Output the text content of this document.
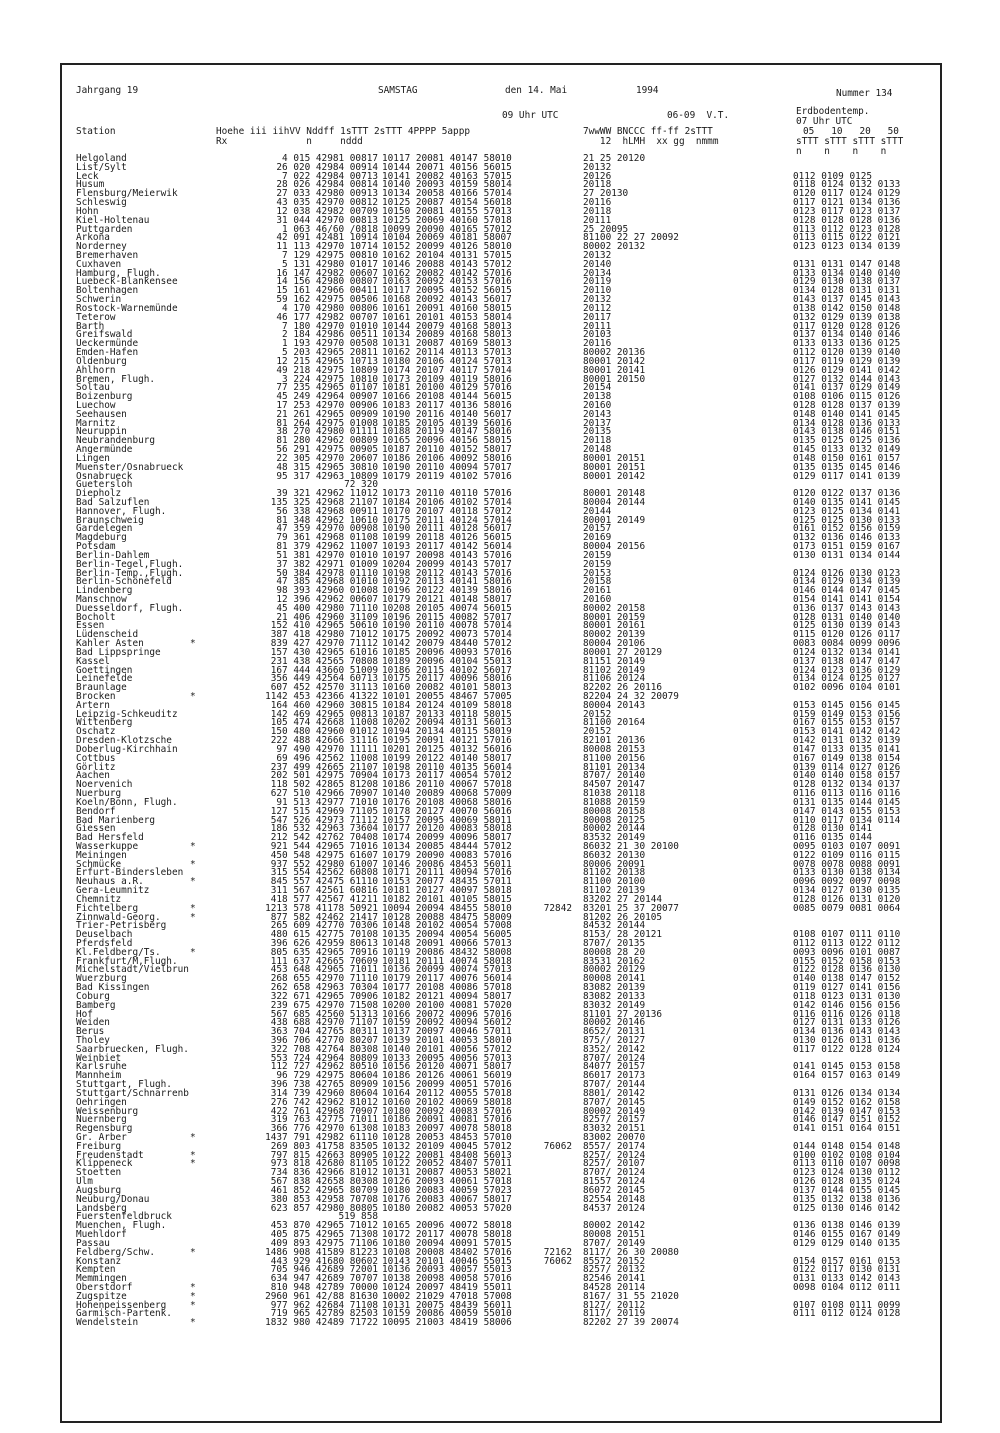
Jahrgang 19	SAMSTAG	den 14. Mai	1994	Nummer 134
Erdbodentemp.
07 Uhr UTC
05   10   20   50
09 Uhr UTC	06-09  V.T.
Station	Hoehe iii iihVV Nddff 1sTTT 2sTTT 4PPPP 5appp
Rx              n     nddd
7wwWW BNCCC ff-ff 2sTTT
12  hLMH  xx gg  nmmm	sTTT sTTT sTTT sTTT
n    n    n    n
Helgoland	4 015 42981 00817 10117 20081 40147 58010	21 25 20120
List/Sylt	26 020 42984 00914 10144 20071 40156 56015	20132
Leck	7 022 42984 00713 10141 20082 40163 57015	20126	0112 0109 0125
Husum	28 026 42984 00814 10140 20093 40159 58014	20118	0118 0124 0132 0133
Flensburg/Meierwik	27 033 42980 00913 10134 20058 40166 57014	27 20130	0120 0117 0124 0129
Schleswig	43 035 42970 00812 10125 20087 40154 56018	20116	0117 0121 0134 0136
Hohn	12 038 42982 00709 10150 20081 40155 57013	20118	0123 0117 0123 0137
Kiel-Holtenau	31 044 42970 00813 10125 20069 40160 57018	20111	0128 0128 0128 0136
Puttgarden	1 063 46/60 /0818 10099 20090 40165 57012	25 20095	0113 0112 0123 0128
Arkona	42 091 42481 10914 10104 20069 40181 58007	81100 22 27 20092	0113 0115 0122 0121
Norderney	11 113 42970 10714 10152 20099 40126 58010	80002 20132	0123 0123 0134 0139
Bremerhaven	7 129 42975 00810 10162 20104 40131 57015	20132
Cuxhaven	5 131 42980 01017 10146 20088 40143 57012	20140	0131 0131 0147 0148
Hamburg, Flugh.	16 147 42982 00607 10162 20082 40142 57016	20134	0133 0134 0140 0140
Luebeck-Blankensee	14 156 42980 00807 10163 20092 40153 57016	20119	0129 0130 0138 0137
Boltenhagen	15 161 42966 00411 10117 20095 40152 56015	20110	0134 0128 0131 0131
Schwerin	59 162 42975 00506 10168 20092 40143 56017	20132	0143 0137 0145 0143
Rostock-Warnemünde	4 170 42980 00806 10161 20091 40160 58015	20112	0138 0142 0150 0148
Teterow	46 177 42982 00707 10161 20101 40153 58014	20117	0132 0129 0139 0138
Barth	7 180 42970 01010 10144 20079 40168 58013	20111	0117 0120 0128 0126
Greifswald	2 184 42986 00511 10134 20089 40168 58013	20103	0137 0134 0140 0146
Ueckermünde	1 193 42970 00508 10131 20087 40169 58013	20116	0133 0133 0136 0125
Emden-Hafen	5 203 42965 20811 10162 20114 40113 57013	80002 20136	0112 0120 0139 0140
Oldenburg	12 215 42965 10713 10180 20106 40124 57013	80001 20142	0117 0119 0129 0139
Ahlhorn	49 218 42975 10809 10174 20107 40117 57014	80001 20141	0126 0129 0141 0142
Bremen, Flugh.	3 224 42975 10810 10173 20109 40119 58016	80001 20150	0127 0132 0144 0143
Soltau	77 235 42965 01107 10181 20100 40129 57016	20154	0141 0137 0129 0149
Boizenburg	45 249 42964 00907 10166 20108 40144 56015	20138	0108 0106 0115 0126
Luechow	17 253 42970 00906 10183 20117 40136 58016	20160	0128 0128 0137 0139
Seehausen	21 261 42965 00909 10190 20116 40140 56017	20143	0148 0140 0141 0145
Marnitz	81 264 42975 01008 10185 20105 40139 56016	20137	0134 0128 0136 0133
Neuruppin	38 270 42980 01111 10188 20119 40147 58016	20135	0143 0138 0146 0151
Neubrandenburg	81 280 42962 00809 10165 20096 40156 58015	20118	0135 0125 0125 0136
Angermünde	56 291 42975 00905 10187 20110 40152 58017	20148	0145 0133 0132 0149
Lingen	22 305 42970 20607 10186 20106 40092 58016	80001 20151	0148 0150 0161 0157
Muenster/Osnabrueck	48 315 42965 30810 10190 20110 40094 57017	80001 20151	0135 0135 0145 0146
Osnabrueck	95 317 42963 10809 10179 20119 40102 57016	80001 20142	0129 0117 0141 0139
Guetersloh	72 320
Diepholz	39 321 42962 11012 10173 20110 40110 57016	80001 20148	0120 0122 0137 0136
Bad Salzuflen	135 325 42968 21107 10184 20106 40102 57014	80004 20144	0140 0135 0141 0145
Hannover, Flugh.	56 338 42968 00911 10170 20107 40118 57012	20144	0123 0125 0134 0141
Braunschweig	81 348 42962 10610 10175 20111 40124 57014	80001 20149	0125 0125 0130 0133
Gardelegen	47 359 42970 00908 10190 20111 40128 56017	20157	0161 0152 0156 0159
Magdeburg	79 361 42968 01108 10199 20118 40126 56015	20169	0132 0136 0146 0133
Potsdam	81 379 42962 11007 10193 20117 40142 56014	80004 20156	0173 0151 0159 0167
Berlin-Dahlem	51 381 42970 01010 10197 20098 40143 57016	20159	0130 0131 0134 0144
Berlin-Tegel,Flugh.	37 382 42971 01009 10204 20099 40143 57017	20159
Berlin-Temp.,Flugh.	50 384 42978 01110 10198 20112 40143 57016	20153	0124 0126 0130 0123
Berlin-Schönefeld	47 385 42968 01010 10192 20113 40141 58016	20158	0134 0129 0134 0139
Lindenberg	98 393 42960 01008 10196 20122 40139 58016	20161	0146 0144 0147 0145
Manschnow	12 396 42962 00607 10179 20121 40148 58017	20160	0154 0141 0141 0154
Duesseldorf, Flugh.	45 400 42980 71110 10208 20105 40074 56015	80002 20158	0136 0137 0143 0143
Bocholt	21 406 42960 31109 10196 20115 40082 57017	80001 20159	0128 0131 0140 0140
Essen	152 410 42965 50610 10190 20110 40078 57014	80001 20161	0125 0130 0139 0143
Lüdenscheid	387 418 42980 71012 10175 20092 40073 57014	80002 20139	0115 0120 0126 0117
Kahler Asten	*	839 427 42970 71112 10142 20079 48440 57012	80004 20106	0083 0084 0099 0096
Bad Lippspringe	157 430 42965 61016 10185 20096 40093 57016	80001 27 20129	0124 0132 0134 0141
Kassel	231 438 42565 70808 10189 20096 40104 55013	81151 20149	0137 0138 0147 0147
Goettingen	167 444 43660 51009 10186 20115 40102 56017	81102 20149	0124 0123 0136 0129
Leinefelde	356 449 42564 60713 10175 20117 40096 58016	81106 20124	0134 0124 0125 0127
Braunlage	607 452 42570 31113 10160 20082 40101 58013	82202 26 20116	0102 0096 0104 0101
Brocken	*	1142 453 42366 41322 10101 20055 48467 57005	82204 24 32 20079
Artern	164 460 42960 30815 10184 20124 40109 58018	80004 20143	0153 0145 0156 0145
Leipzig-Schkeuditz	142 469 42965 00813 10187 20133 40118 58015	20152	0159 0149 0153 0156
Wittenberg	105 474 42668 11008 10202 20094 40131 56013	81100 20164	0167 0155 0153 0157
Oschatz	150 480 42960 01012 10194 20134 40115 58019	20152	0153 0141 0142 0142
Dresden-Klotzsche	222 488 42666 31116 10195 20091 40121 57016	82101 20136	0142 0131 0132 0139
Doberlug-Kirchhain	97 490 42970 11111 10201 20125 40132 56016	80008 20153	0147 0133 0135 0141
Cottbus	69 496 42562 11008 10199 20122 40140 58017	81100 20156	0167 0149 0138 0154
Görlitz	237 499 42665 21107 10198 20110 40135 56014	81101 20134	0139 0114 0127 0126
Aachen	202 501 42975 70904 10173 20117 40054 57012	8707/ 20140	0140 0140 0158 0157
Noervenich	118 502 42865 81208 10186 20110 40067 57018	84507 20147	0128 0132 0134 0137
Nuerburg	627 510 42966 70907 10140 20089 40068 57009	81038 20118	0116 0113 0116 0116
Koeln/Bonn, Flugh.	91 513 42977 71010 10176 20108 40068 58016	81088 20159	0131 0135 0144 0145
Bendorf	127 515 42969 71105 10178 20127 40070 56016	80008 20158	0147 0143 0155 0153
Bad Marienberg	547 526 42973 71112 10157 20095 40069 58011	80008 20125	0110 0117 0134 0114
Giessen	186 532 42963 73604 10177 20120 40083 58018	80002 20144	0128 0130 0141
Bad Hersfeld	212 542 42762 70408 10174 20099 40096 58017	83532 20149	0116 0135 0144
Wasserkuppe	*	921 544 42965 71016 10134 20085 48444 57012	86032 21 30 20100	0095 0103 0107 0091
Meiningen	450 548 42975 61607 10179 20090 40083 57016	86032 20130	0122 0109 0116 0115
Schmücke	*	937 552 42980 61007 10146 20086 48453 56011	80006 20091	0078 0078 0088 0091
Erfurt-Bindersleben	315 554 42562 60808 10171 20111 40094 57016	81102 20138	0133 0130 0138 0134
Neuhaus a.R.	*	845 557 42475 61110 10153 20077 48435 57011	81100 20100	0096 0092 0097 0098
Gera-Leumnitz	311 567 42561 60816 10181 20127 40097 58018	81102 20139	0134 0127 0130 0135
Chemnitz	418 577 42567 41211 10182 20101 40105 58015	83202 27 20144	0128 0126 0131 0120
Fichtelberg	*	1213 578 41178 50921 10094 20094 48455 58010	72842 83201 25 37 20077	0085 0079 0081 0064
Zinnwald-Georg.	*	877 582 42462 21417 10128 20088 48475 58009	81202 26 20105
Trier-Petrisberg	265 609 42770 70306 10148 20102 40054 57008	84532 20144
Deuselbach	480 615 42775 70108 10135 20094 40054 56005	8153/ 28 20121	0108 0107 0111 0110
Pferdsfeld	396 626 42959 80613 10148 20091 40066 57013	8707/ 20135	0112 0113 0122 0112
Kl.Feldberg/Ts.	*	805 635 42965 70916 10119 20086 48432 58008	80008 28 20	0093 0096 0101 0087
Frankfurt/M,Flugh.	111 637 42665 70609 10181 20111 40074 58018	83531 20162	0155 0152 0158 0153
Michelstadt/Vielbrun	453 648 42965 71011 10136 20099 40074 57013	80002 20129	0122 0128 0136 0130
Wuerzburg	268 655 42970 71110 10179 20117 40076 56014	80008 20141	0140 0138 0147 0152
Bad Kissingen	262 658 42963 70304 10177 20108 40086 57018	83082 20139	0119 0127 0141 0156
Coburg	322 671 42965 70906 10182 20121 40094 58017	83082 20133	0118 0123 0131 0130
Bamberg	239 675 42970 71508 10200 20100 40081 57020	83032 20149	0142 0146 0156 0156
Hof	567 685 42560 51313 10166 20072 40096 57016	81101 27 20136	0116 0116 0126 0118
Weiden	438 688 42970 71107 10159 20092 40094 56012	80002 20146	0127 0131 0133 0126
Berus	363 704 42765 80311 10137 20097 40046 57011	8652/ 20131	0134 0136 0143 0143
Tholey	396 706 42770 80207 10139 20101 40053 58010	875// 20127	0130 0126 0131 0136
Saarbruecken, Flugh.	322 708 42764 80308 10140 20101 40056 57012	8352/ 20142	0117 0122 0128 0124
Weinbiet	553 724 42964 80809 10133 20095 40056 57013	8707/ 20124
Karlsruhe	112 727 42962 80510 10156 20120 40071 58017	84077 20157	0141 0145 0153 0158
Mannheim	96 729 42975 80604 10186 20126 40061 56019	86017 20173	0164 0157 0163 0149
Stuttgart, Flugh.	396 738 42765 80909 10156 20099 40051 57016	8707/ 20144
Stuttgart/Schnarrenb	314 739 42960 80604 10164 20112 40055 57018	8801/ 20142	0131 0126 0134 0134
Oehringen	276 742 42962 81012 10160 20102 40069 58018	8707/ 20145	0149 0152 0162 0158
Weissenburg	422 761 42968 70907 10180 20092 40083 57016	80002 20149	0142 0139 0147 0153
Nuernberg	319 763 42775 71011 10186 20091 40081 57016	8257/ 20157	0146 0147 0151 0152
Regensburg	366 776 42970 61308 10183 20097 40078 58018	83032 20151	0141 0151 0164 0151
Gr. Arber	*	1437 791 42982 61110 10128 20053 48453 57010	83002 20070
Freiburg	269 803 41758 83505 10132 20109 40045 57012	76062 8557/ 20174	0144 0148 0154 0148
Freudenstadt	*	797 815 42663 80905 10122 20081 48408 56013	8257/ 20124	0100 0102 0108 0104
Klippeneck	*	973 818 42680 81105 10122 20052 48407 57011	8257/ 20107	0113 0110 0107 0098
Stoetten	734 836 42966 81012 10131 20087 40053 58021	8707/ 20124	0123 0124 0130 0112
Ulm	567 838 42658 80308 10126 20093 40061 57018	81557 20124	0126 0128 0135 0124
Augsburg	461 852 42965 80709 10180 20083 40059 57023	86072 20145	0137 0144 0155 0145
Neuburg/Donau	380 853 42958 70708 10176 20083 40067 58017	82554 20148	0135 0132 0138 0136
Landsberg	623 857 42980 80805 10180 20082 40053 57020	84537 20124	0125 0130 0146 0142
Fuerstenfeldbruck	519 858
Muenchen, Flugh.	453 870 42965 71012 10165 20096 40072 58018	80002 20142	0136 0138 0146 0139
Muehldorf	405 875 42965 71308 10172 20117 40078 58018	80008 20151	0146 0155 0167 0149
Passau	409 893 42975 71106 10180 20094 40091 57015	8707/ 20149	0129 0129 0140 0135
Feldberg/Schw.	*	1486 908 41589 81223 10108 20008 48402 57016	72162 8117/ 26 30 20080
Konstanz	443 929 41680 80602 10143 20101 40046 55015	76062 85572 20152	0154 0157 0161 0153
Kempten	705 946 42689 72001 10136 20093 40057 55013	8257/ 20132	0122 0117 0130 0131
Memmingen	634 947 42689 70707 10138 20098 40058 57016	82546 20141	0131 0133 0142 0143
Oberstdorf	*	810 948 42789 70000 10124 20097 48419 55011	84528 20114	0098 0104 0112 0111
Zugspitze	*	2960 961 42/88 81630 10002 21029 47018 57008	8167/ 31 55 21020
Hohenpeissenberg	*	977 962 42684 71108 10131 20075 48439 56011	8127/ 20112	0107 0108 0111 0099
Garmisch-Partenk.	719 965 42789 82503 10159 20086 40059 55010	8117/ 20119	0111 0112 0124 0128
Wendelstein	*	1832 980 42489 71722 10095 21003 48419 58006	82202 27 39 20074
